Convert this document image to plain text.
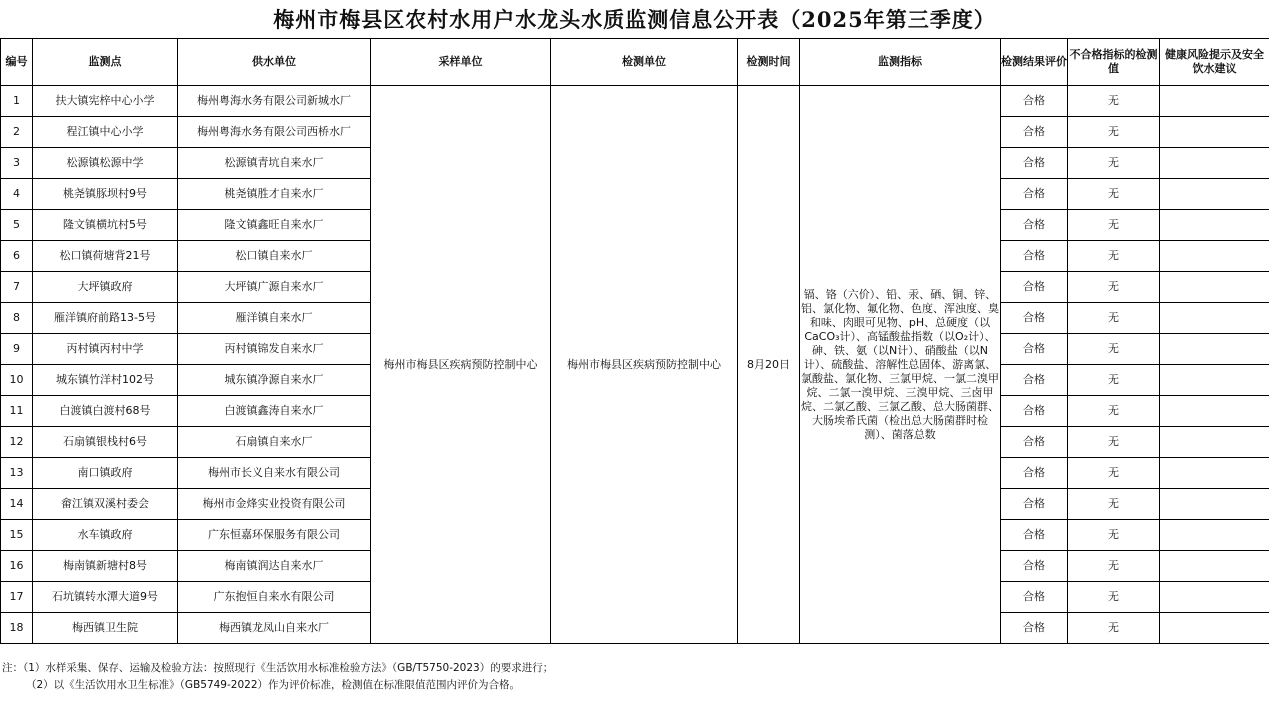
梅州市梅县区农村水用户水龙头水质监测信息公开表（2025年第三季度）
编号	监测点	供水单位	采样单位	检测单位	检测时间	监测指标	检测结果评价	不合格指标的检测值	健康风险提示及安全饮水建议
1	扶大镇宪梓中心小学	梅州粤海水务有限公司新城水厂	梅州市梅县区疾病预防控制中心	梅州市梅县区疾病预防控制中心	8月20日	镉、铬（六价）、铅、汞、硒、铜、锌、铝、氯化物、氟化物、色度、浑浊度、臭和味、肉眼可见物、pH、总硬度（以CaCO₃计）、高锰酸盐指数（以O₂计）、砷、铁、氨（以N计）、硝酸盐（以N计）、硫酸盐、溶解性总固体、游离氯、氯酸盐、氯化物、三氯甲烷、一氯二溴甲烷、二氯一溴甲烷、三溴甲烷、三卤甲烷、二氯乙酸、三氯乙酸、总大肠菌群、大肠埃希氏菌（检出总大肠菌群时检测）、菌落总数	合格	无	
2	程江镇中心小学	梅州粤海水务有限公司西桥水厂					合格	无	
3	松源镇松源中学	松源镇青坑自来水厂					合格	无	
4	桃尧镇豚坝村9号	桃尧镇胜才自来水厂					合格	无	
5	隆文镇横坑村5号	隆文镇鑫旺自来水厂					合格	无	
6	松口镇荷塘背21号	松口镇自来水厂					合格	无	
7	大坪镇政府	大坪镇广源自来水厂					合格	无	
8	雁洋镇府前路13-5号	雁洋镇自来水厂					合格	无	
9	丙村镇丙村中学	丙村镇锦发自来水厂					合格	无	
10	城东镇竹洋村102号	城东镇净源自来水厂					合格	无	
11	白渡镇白渡村68号	白渡镇鑫涛自来水厂					合格	无	
12	石扇镇银栈村6号	石扇镇自来水厂					合格	无	
13	南口镇政府	梅州市长义自来水有限公司					合格	无	
14	畲江镇双溪村委会	梅州市金烽实业投资有限公司					合格	无	
15	水车镇政府	广东恒嘉环保服务有限公司					合格	无	
16	梅南镇新塘村8号	梅南镇润达自来水厂					合格	无	
17	石坑镇转水潭大道9号	广东抱恒自来水有限公司					合格	无	
18	梅西镇卫生院	梅西镇龙凤山自来水厂					合格	无	
注：（1）水样采集、保存、运输及检验方法：按照现行《生活饮用水标准检验方法》（GB/T5750-2023）的要求进行；
（2）以《生活饮用水卫生标准》（GB5749-2022）作为评价标准，检测值在标准限值范围内评价为合格。
